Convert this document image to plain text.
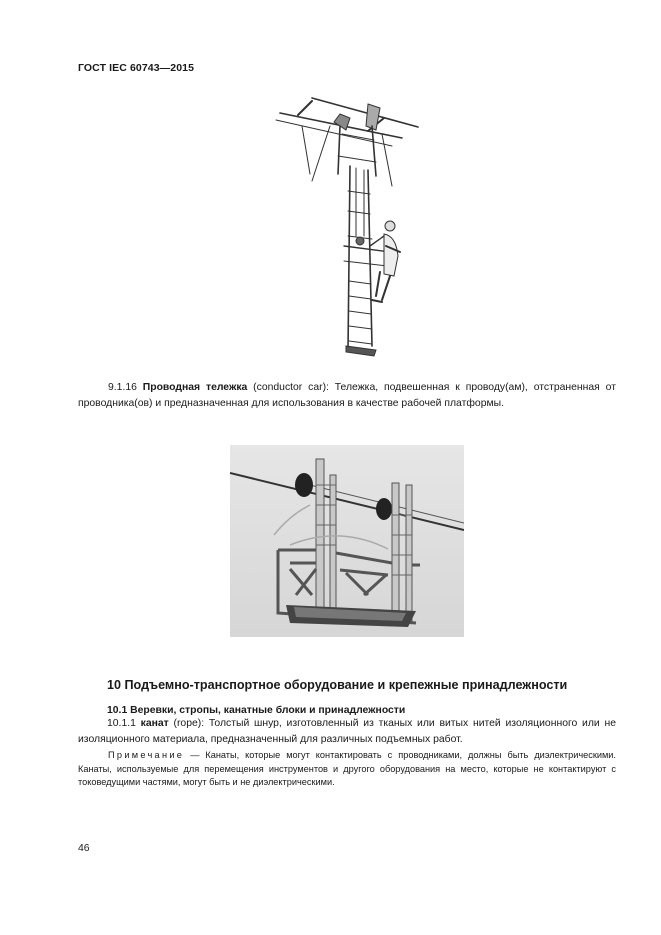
ГОСТ IEC 60743—2015
9.1.16 Проводная тележка (conductor car): Тележка, подвешенная к проводу(ам), отстраненная от проводника(ов) и предназначенная для использования в качестве рабочей платформы.
10 Подъемно-транспортное оборудование и крепежные принадлежности
10.1 Веревки, стропы, канатные блоки и принадлежности
10.1.1 канат (rope): Толстый шнур, изготовленный из тканых или витых нитей изоляционного или не изоляционного материала, предназначенный для различных подъемных работ.
Примечание — Канаты, которые могут контактировать с проводниками, должны быть диэлектрическими. Канаты, используемые для перемещения инструментов и другого оборудования на место, которые не контактируют с токоведущими частями, могут быть и не диэлектрическими.
46
